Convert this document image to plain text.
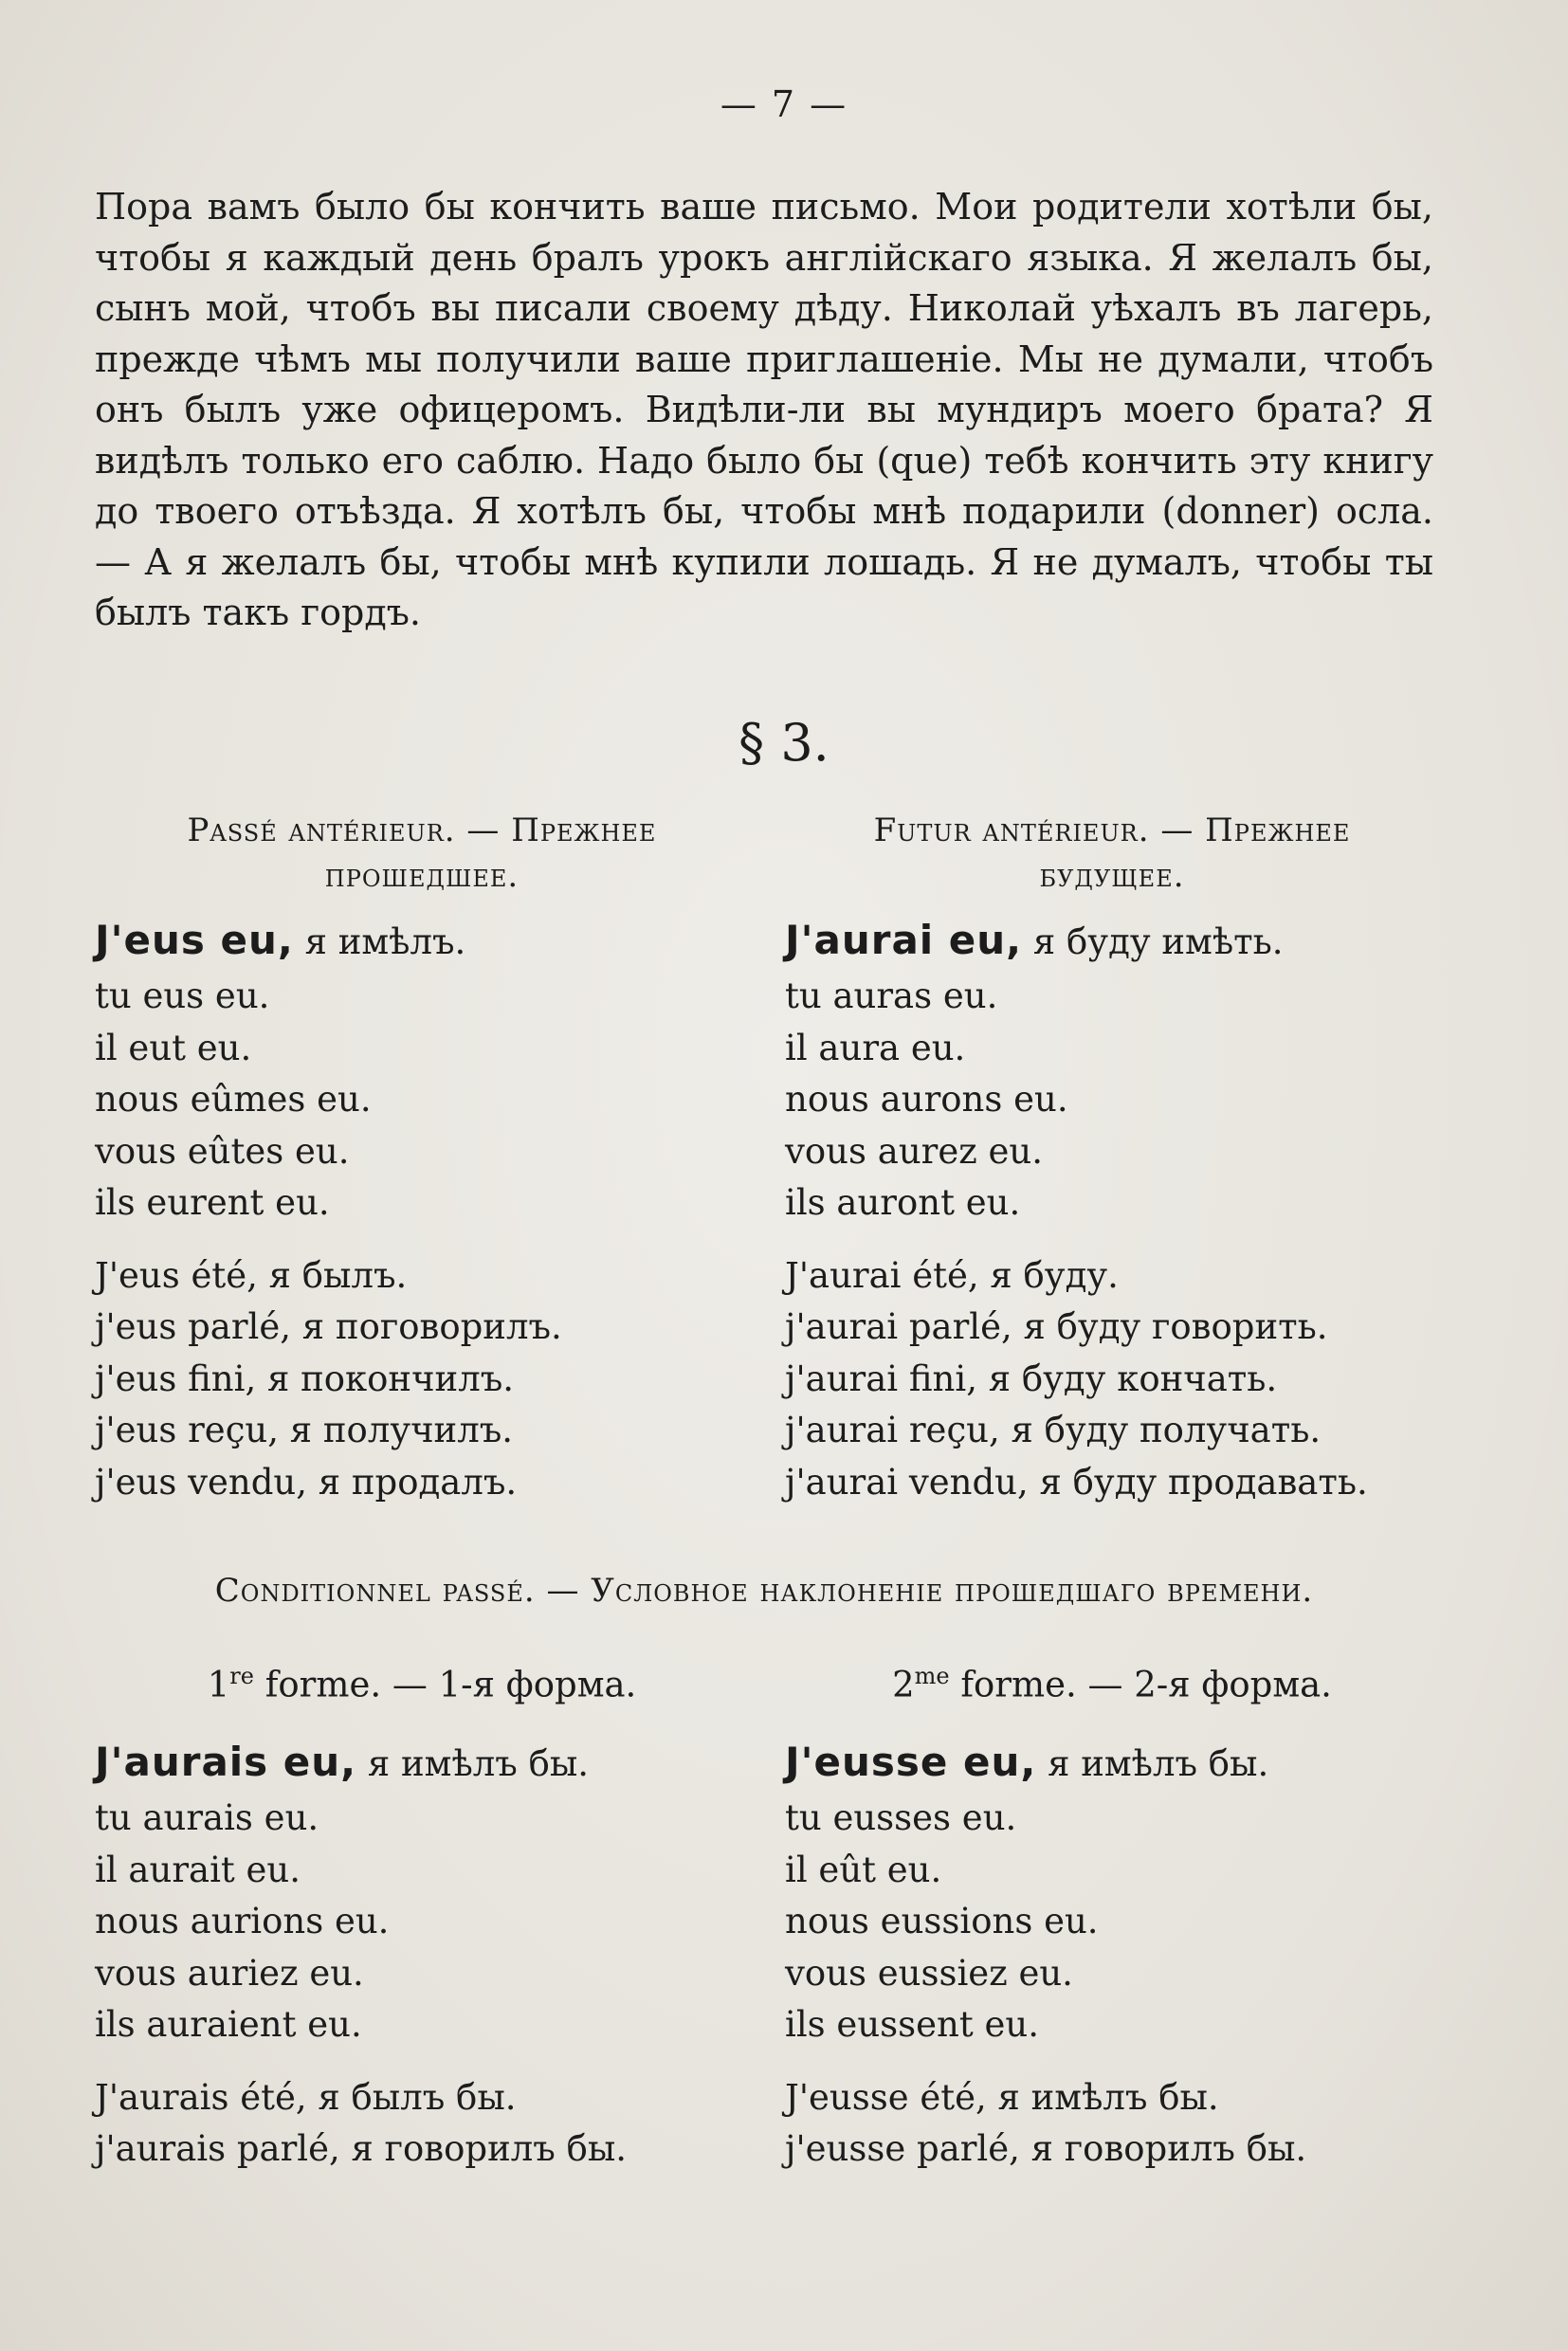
— 7 —
Пора вамъ было бы кончить ваше письмо. Мои родители хотѣли бы, чтобы я каждый день бралъ урокъ англійскаго языка. Я желалъ бы, сынъ мой, чтобъ вы писали своему дѣду. Николай уѣхалъ въ лагерь, прежде чѣмъ мы получили ваше приглашеніе. Мы не думали, чтобъ онъ былъ уже офицеромъ. Видѣли-ли вы мундиръ моего брата? Я видѣлъ только его саблю. Надо было бы (que) тебѣ кончить эту книгу до твоего отъѣзда. Я хотѣлъ бы, чтобы мнѣ подарили (donner) осла. — А я желалъ бы, чтобы мнѣ купили лошадь. Я не думалъ, чтобы ты былъ такъ гордъ.
§ 3.
Passé antérieur. — Прежнее
прошедшее.
J'eus eu, я имѣлъ.
tu eus eu.
il eut eu.
nous eûmes eu.
vous eûtes eu.
ils eurent eu.
J'eus été, я былъ.
j'eus parlé, я поговорилъ.
j'eus fini, я покончилъ.
j'eus reçu, я получилъ.
j'eus vendu, я продалъ.
Futur antérieur. — Прежнее
будущее.
J'aurai eu, я буду имѣть.
tu auras eu.
il aura eu.
nous aurons eu.
vous aurez eu.
ils auront eu.
J'aurai été, я буду.
j'aurai parlé, я буду говорить.
j'aurai fini, я буду кончать.
j'aurai reçu, я буду получать.
j'aurai vendu, я буду продавать.
Conditionnel passé. — Условное наклоненіе прошедшаго времени.
1re forme. — 1-я форма.
J'aurais eu, я имѣлъ бы.
tu aurais eu.
il aurait eu.
nous aurions eu.
vous auriez eu.
ils auraient eu.
J'aurais été, я былъ бы.
j'aurais parlé, я говорилъ бы.
$2^{me}$ forme. — 2-я форма.
J'eusse eu, я имѣлъ бы.
tu eusses eu.
il eût eu.
nous eussions eu.
vous eussiez eu.
ils eussent eu.
J'eusse été, я имѣлъ бы.
j'eusse parlé, я говорилъ бы.
